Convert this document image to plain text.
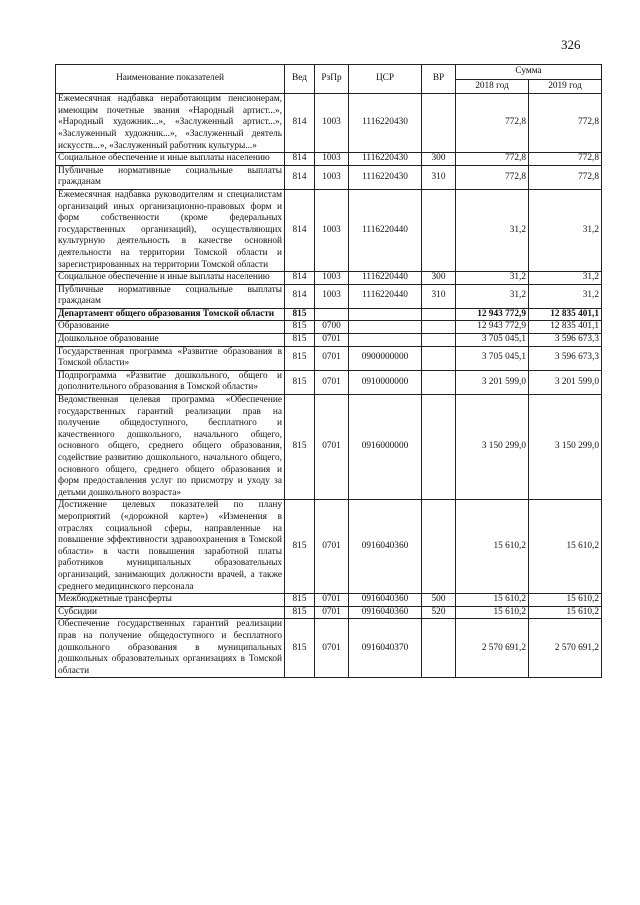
326
Наименование показателей	Вед	РзПр	ЦСР	ВР	Сумма	
					2018 год	2019 год
Ежемесячная надбавка неработающим пенсионерам, имеющим почетные звания «Народный артист...», «Народный художник...», «Заслуженный артист...», «Заслуженный художник...», «Заслуженный деятель искусств...», «Заслуженный работник культуры...»	814	1003	1116220430		772,8	772,8
Социальное обеспечение и иные выплаты населению	814	1003	1116220430	300	772,8	772,8
Публичные нормативные социальные выплаты гражданам	814	1003	1116220430	310	772,8	772,8
Ежемесячная надбавка руководителям и специалистам организаций иных организационно-правовых форм и форм собственности (кроме федеральных государственных организаций), осуществляющих культурную деятельность в качестве основной деятельности на территории Томской области и зарегистрированных на территории Томской области	814	1003	1116220440		31,2	31,2
Социальное обеспечение и иные выплаты населению	814	1003	1116220440	300	31,2	31,2
Публичные нормативные социальные выплаты гражданам	814	1003	1116220440	310	31,2	31,2
Департамент общего образования Томской области	815				12 943 772,9	12 835 401,1
Образование	815	0700			12 943 772,9	12 835 401,1
Дошкольное образование	815	0701			3 705 045,1	3 596 673,3
Государственная программа «Развитие образования в Томской области»	815	0701	0900000000		3 705 045,1	3 596 673,3
Подпрограмма «Развитие дошкольного, общего и дополнительного образования в Томской области»	815	0701	0910000000		3 201 599,0	3 201 599,0
Ведомственная целевая программа «Обеспечение государственных гарантий реализации прав на получение общедоступного, бесплатного и качественного дошкольного, начального общего, основного общего, среднего общего образования, содействие развитию дошкольного, начального общего, основного общего, среднего общего образования и форм предоставления услуг по присмотру и уходу за детьми дошкольного возраста»	815	0701	0916000000		3 150 299,0	3 150 299,0
Достижение целевых показателей по плану мероприятий («дорожной карте») «Изменения в отраслях социальной сферы, направленные на повышение эффективности здравоохранения в Томской области» в части повышения заработной платы работников муниципальных образовательных организаций, занимающих должности врачей, а также среднего медицинского персонала	815	0701	0916040360		15 610,2	15 610,2
Межбюджетные трансферты	815	0701	0916040360	500	15 610,2	15 610,2
Субсидии	815	0701	0916040360	520	15 610,2	15 610,2
Обеспечение государственных гарантий реализации прав на получение общедоступного и бесплатного дошкольного образования в муниципальных дошкольных образовательных организациях в Томской области	815	0701	0916040370		2 570 691,2	2 570 691,2
